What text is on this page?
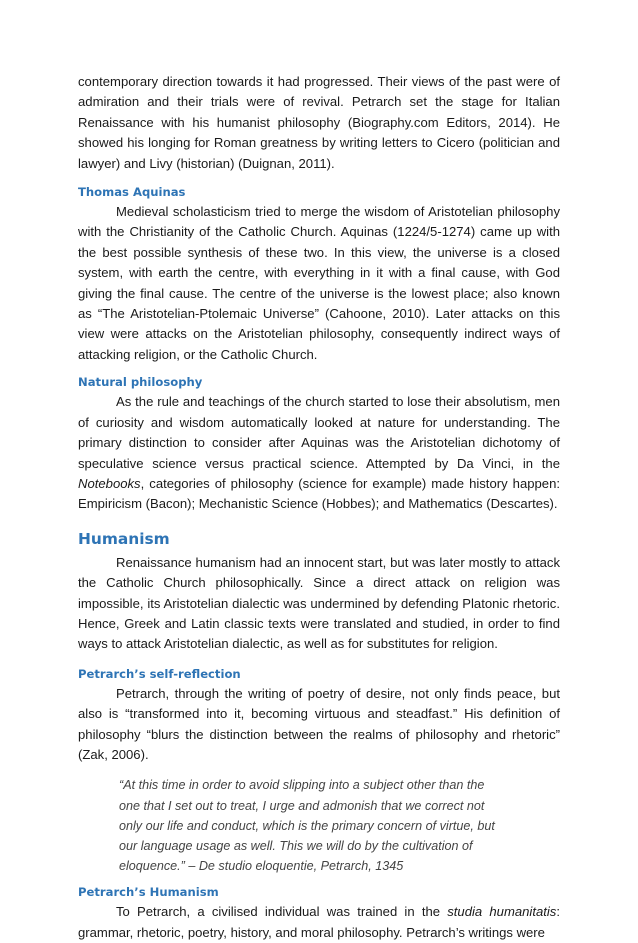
contemporary direction towards it had progressed. Their views of the past were of admiration and their trials were of revival. Petrarch set the stage for Italian Renaissance with his humanist philosophy (Biography.com Editors, 2014). He showed his longing for Roman greatness by writing letters to Cicero (politician and lawyer) and Livy (historian) (Duignan, 2011).

Thomas Aquinas

Medieval scholasticism tried to merge the wisdom of Aristotelian philosophy with the Christianity of the Catholic Church. Aquinas (1224/5-1274) came up with the best possible synthesis of these two. In this view, the universe is a closed system, with earth the centre, with everything in it with a final cause, with God giving the final cause. The centre of the universe is the lowest place; also known as “The Aristotelian-Ptolemaic Universe” (Cahoone, 2010). Later attacks on this view were attacks on the Aristotelian philosophy, consequently indirect ways of attacking religion, or the Catholic Church.

Natural philosophy

As the rule and teachings of the church started to lose their absolutism, men of curiosity and wisdom automatically looked at nature for understanding. The primary distinction to consider after Aquinas was the Aristotelian dichotomy of speculative science versus practical science. Attempted by Da Vinci, in the Notebooks, categories of philosophy (science for example) made history happen: Empiricism (Bacon); Mechanistic Science (Hobbes); and Mathematics (Descartes).

Humanism

Renaissance humanism had an innocent start, but was later mostly to attack the Catholic Church philosophically. Since a direct attack on religion was impossible, its Aristotelian dialectic was undermined by defending Platonic rhetoric. Hence, Greek and Latin classic texts were translated and studied, in order to find ways to attack Aristotelian dialectic, as well as for substitutes for religion.

Petrarch’s self-reflection

Petrarch, through the writing of poetry of desire, not only finds peace, but also is “transformed into it, becoming virtuous and steadfast.” His definition of philosophy “blurs the distinction between the realms of philosophy and rhetoric” (Zak, 2006).

“At this time in order to avoid slipping into a subject other than the
one that I set out to treat, I urge and admonish that we correct not
only our life and conduct, which is the primary concern of virtue, but
our language usage as well. This we will do by the cultivation of
eloquence.” – De studio eloquentie, Petrarch, 1345
Petrarch’s Humanism

To Petrarch, a civilised individual was trained in the studia humanitatis: grammar, rhetoric, poetry, history, and moral philosophy. Petrarch’s writings were
